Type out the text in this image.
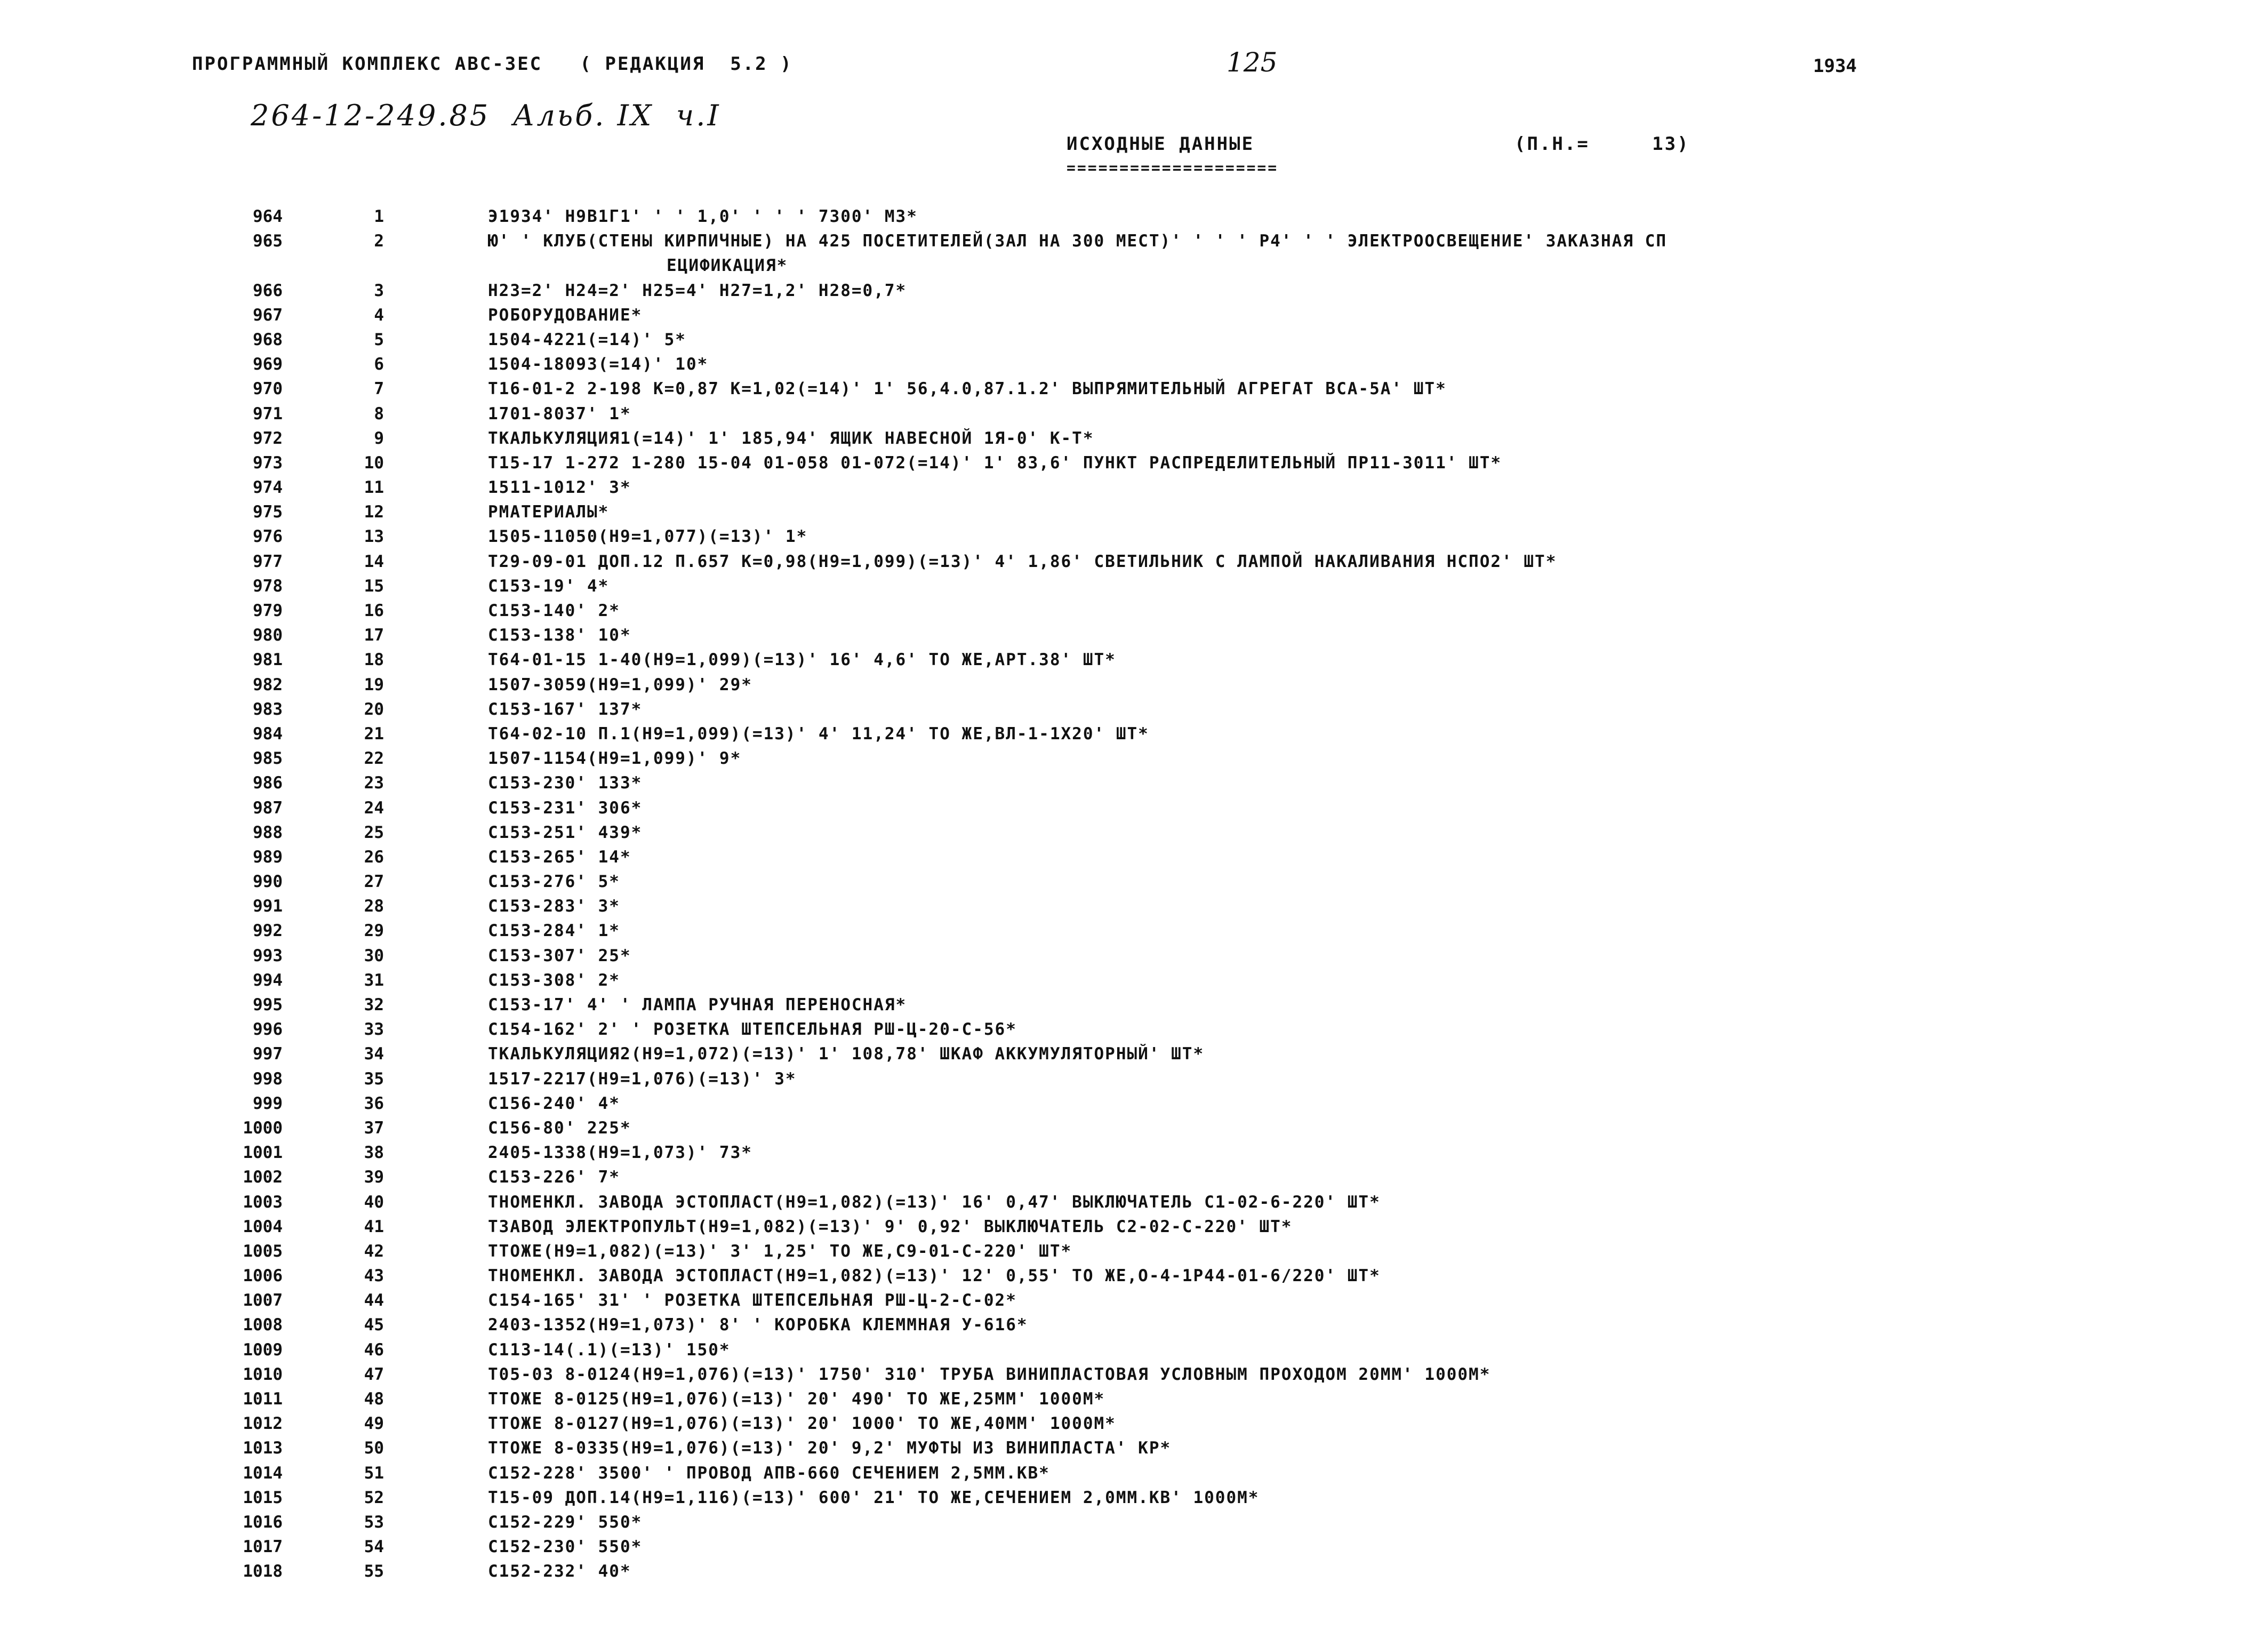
ПРОГРАММНЫЙ КОМПЛЕКС АВС-3ЕС   ( РЕДАКЦИЯ  5.2 )	125	1934
264-12-249.85  Альб. IX  ч.I
ИСХОДНЫЕ ДАННЫЕ	(П.Н.=     13)
====================
964	1	Э1934' Н9В1Г1' ' ' 1,0' ' ' ' 7300' М3*
965	2	Ю' ' КЛУБ(СТЕНЫ КИРПИЧНЫЕ) НА 425 ПОСЕТИТЕЛЕЙ(ЗАЛ НА 300 МЕСТ)' ' ' ' Р4' ' ' ЭЛЕКТРООСВЕЩЕНИЕ' ЗАКАЗНАЯ СП
ЕЦИФИКАЦИЯ*
966	3	Н23=2' Н24=2' Н25=4' Н27=1,2' Н28=0,7*
967	4	РОБОРУДОВАНИЕ*
968	5	1504-4221(=14)' 5*
969	6	1504-18093(=14)' 10*
970	7	Т16-01-2 2-198 К=0,87 К=1,02(=14)' 1' 56,4.0,87.1.2' ВЫПРЯМИТЕЛЬНЫЙ АГРЕГАТ ВСА-5А' ШТ*
971	8	1701-8037' 1*
972	9	ТКАЛЬКУЛЯЦИЯ1(=14)' 1' 185,94' ЯЩИК НАВЕСНОЙ 1Я-0' К-Т*
973	10	Т15-17 1-272 1-280 15-04 01-058 01-072(=14)' 1' 83,6' ПУНКТ РАСПРЕДЕЛИТЕЛЬНЫЙ ПР11-3011' ШТ*
974	11	1511-1012' 3*
975	12	РМАТЕРИАЛЫ*
976	13	1505-11050(Н9=1,077)(=13)' 1*
977	14	Т29-09-01 ДОП.12 П.657 К=0,98(Н9=1,099)(=13)' 4' 1,86' СВЕТИЛЬНИК С ЛАМПОЙ НАКАЛИВАНИЯ НСПО2' ШТ*
978	15	С153-19' 4*
979	16	С153-140' 2*
980	17	С153-138' 10*
981	18	Т64-01-15 1-40(Н9=1,099)(=13)' 16' 4,6' ТО ЖЕ,АРТ.38' ШТ*
982	19	1507-3059(Н9=1,099)' 29*
983	20	С153-167' 137*
984	21	Т64-02-10 П.1(Н9=1,099)(=13)' 4' 11,24' ТО ЖЕ,ВЛ-1-1Х20' ШТ*
985	22	1507-1154(Н9=1,099)' 9*
986	23	С153-230' 133*
987	24	С153-231' 306*
988	25	С153-251' 439*
989	26	С153-265' 14*
990	27	С153-276' 5*
991	28	С153-283' 3*
992	29	С153-284' 1*
993	30	С153-307' 25*
994	31	С153-308' 2*
995	32	С153-17' 4' ' ЛАМПА РУЧНАЯ ПЕРЕНОСНАЯ*
996	33	С154-162' 2' ' РОЗЕТКА ШТЕПСЕЛЬНАЯ РШ-Ц-20-С-56*
997	34	ТКАЛЬКУЛЯЦИЯ2(Н9=1,072)(=13)' 1' 108,78' ШКАФ АККУМУЛЯТОРНЫЙ' ШТ*
998	35	1517-2217(Н9=1,076)(=13)' 3*
999	36	С156-240' 4*
1000	37	С156-80' 225*
1001	38	2405-1338(Н9=1,073)' 73*
1002	39	С153-226' 7*
1003	40	ТНОМЕНКЛ. ЗАВОДА ЭСТОПЛАСТ(Н9=1,082)(=13)' 16' 0,47' ВЫКЛЮЧАТЕЛЬ С1-02-6-220' ШТ*
1004	41	ТЗАВОД ЭЛЕКТРОПУЛЬТ(Н9=1,082)(=13)' 9' 0,92' ВЫКЛЮЧАТЕЛЬ С2-02-С-220' ШТ*
1005	42	ТТОЖЕ(Н9=1,082)(=13)' 3' 1,25' ТО ЖЕ,С9-01-С-220' ШТ*
1006	43	ТНОМЕНКЛ. ЗАВОДА ЭСТОПЛАСТ(Н9=1,082)(=13)' 12' 0,55' ТО ЖЕ,О-4-1Р44-01-6/220' ШТ*
1007	44	С154-165' 31' ' РОЗЕТКА ШТЕПСЕЛЬНАЯ РШ-Ц-2-С-02*
1008	45	2403-1352(Н9=1,073)' 8' ' КОРОБКА КЛЕММНАЯ У-616*
1009	46	С113-14(.1)(=13)' 150*
1010	47	Т05-03 8-0124(Н9=1,076)(=13)' 1750' 310' ТРУБА ВИНИПЛАСТОВАЯ УСЛОВНЫМ ПРОХОДОМ 20ММ' 1000М*
1011	48	ТТОЖЕ 8-0125(Н9=1,076)(=13)' 20' 490' ТО ЖЕ,25ММ' 1000М*
1012	49	ТТОЖЕ 8-0127(Н9=1,076)(=13)' 20' 1000' ТО ЖЕ,40ММ' 1000М*
1013	50	ТТОЖЕ 8-0335(Н9=1,076)(=13)' 20' 9,2' МУФТЫ ИЗ ВИНИПЛАСТА' КР*
1014	51	С152-228' 3500' ' ПРОВОД АПВ-660 СЕЧЕНИЕМ 2,5ММ.КВ*
1015	52	Т15-09 ДОП.14(Н9=1,116)(=13)' 600' 21' ТО ЖЕ,СЕЧЕНИЕМ 2,0ММ.КВ' 1000М*
1016	53	С152-229' 550*
1017	54	С152-230' 550*
1018	55	С152-232' 40*
